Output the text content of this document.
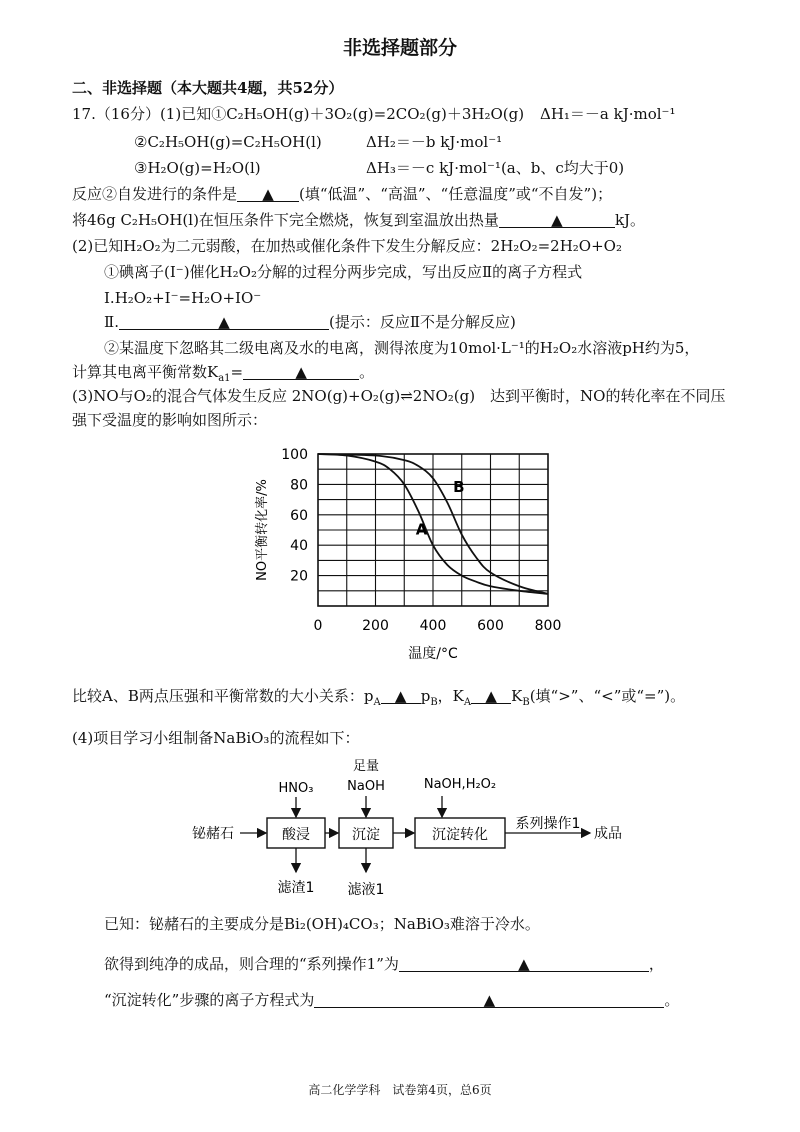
非选择题部分
二、非选择题（本大题共4题，共52分）
17.（16分）(1)已知①C₂H₅OH(g)＋3O₂(g)=2CO₂(g)＋3H₂O(g) ΔH₁＝－a kJ·mol⁻¹
②C₂H₅OH(g)=C₂H₅OH(l)	ΔH₂＝－b kJ·mol⁻¹
③H₂O(g)=H₂O(l)	ΔH₃＝－c kJ·mol⁻¹(a、b、c均大于0)
反应②自发进行的条件是 ▲ (填“低温”、“高温”、“任意温度”或“不自发”)；
将46g C₂H₅OH(l)在恒压条件下完全燃烧，恢复到室温放出热量	▲	kJ。
(2)已知H₂O₂为二元弱酸，在加热或催化条件下发生分解反应：2H₂O₂=2H₂O+O₂
①碘离子(I⁻)催化H₂O₂分解的过程分两步完成，写出反应Ⅱ的离子方程式
Ⅰ.H₂O₂+I⁻=H₂O+IO⁻
Ⅱ.	▲	(提示：反应Ⅱ不是分解反应)
②某温度下忽略其二级电离及水的电离，测得浓度为10mol·L⁻¹的H₂O₂水溶液pH约为5，
计算其电离平衡常数$K_{a1}=$	▲	。
(3)NO与O₂的混合气体发生反应 2NO(g)+O₂(g)⇌2NO₂(g)　达到平衡时，NO的转化率在不同压
强下受温度的影响如图所示：
0	200 400 600 800
20
40
60
80
100
A
B
温度/°C
NO平衡转化率/%
比较A、B两点压强和平衡常数的大小关系：$p_A$ ▲ $p_B$，$K_A$ ▲ $K_B$(填“>”、“<”或“=”)。
(4)项目学习小组制备NaBiO₃的流程如下：
铋赭石	酸浸	沉淀	沉淀转化
系列操作1
成品
HNO₃
足量
NaOH	NaOH,H₂O₂
滤渣1 滤液1
已知：铋赭石的主要成分是Bi₂(OH)₄CO₃；NaBiO₃难溶于冷水。
欲得到纯净的成品，则合理的“系列操作1”为	▲	，
“沉淀转化”步骤的离子方程式为	▲	。
高二化学学科　试卷第4页，总6页
